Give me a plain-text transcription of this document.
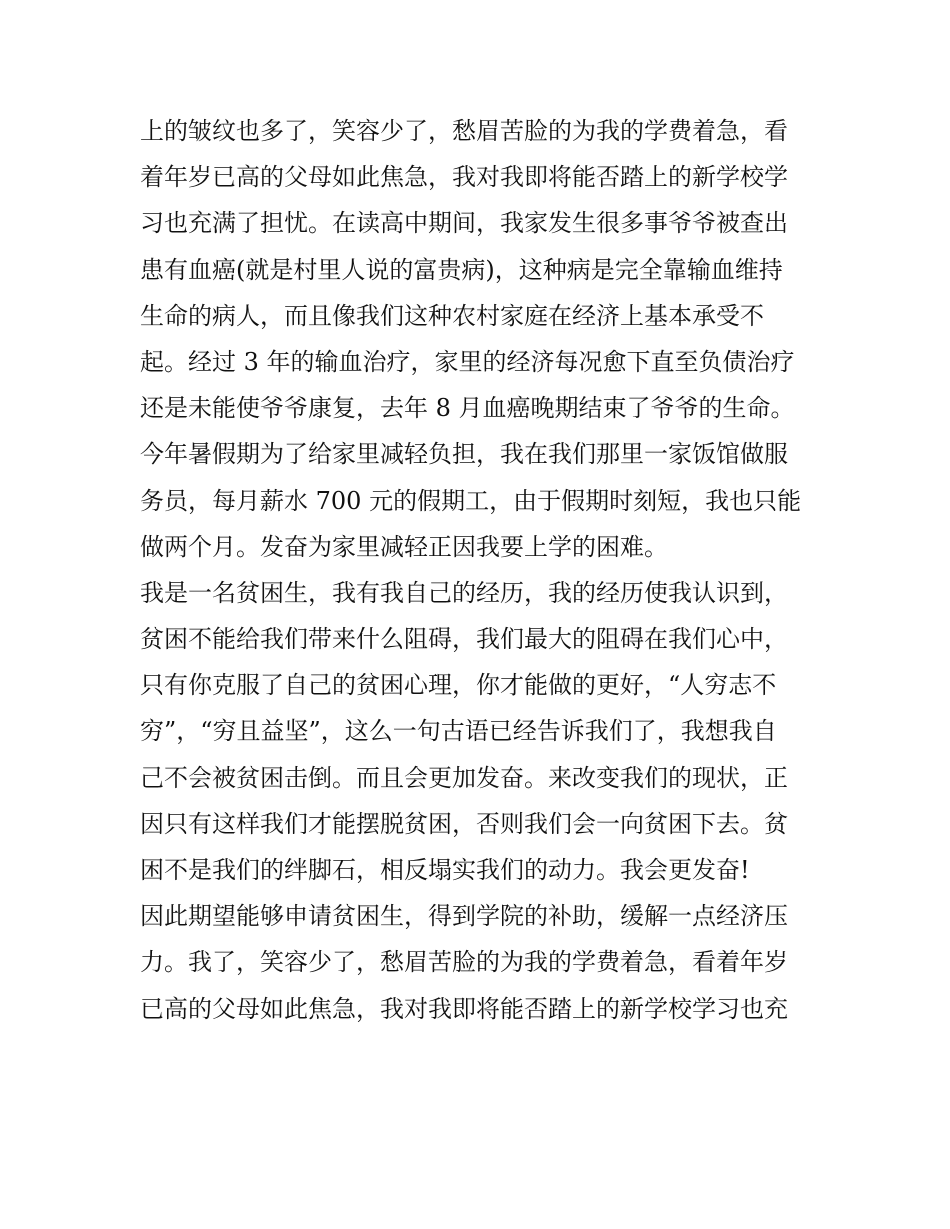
上的皱纹也多了，笑容少了，愁眉苦脸的为我的学费着急，看
着年岁已高的父母如此焦急，我对我即将能否踏上的新学校学
习也充满了担忧。在读高中期间，我家发生很多事爷爷被查出
患有血癌(就是村里人说的富贵病)，这种病是完全靠输血维持
生命的病人，而且像我们这种农村家庭在经济上基本承受不
起。经过 3 年的输血治疗，家里的经济每况愈下直至负债治疗
还是未能使爷爷康复，去年 8 月血癌晚期结束了爷爷的生命。
今年暑假期为了给家里减轻负担，我在我们那里一家饭馆做服
务员，每月薪水 700 元的假期工，由于假期时刻短，我也只能
做两个月。发奋为家里减轻正因我要上学的困难。
我是一名贫困生，我有我自己的经历，我的经历使我认识到，
贫困不能给我们带来什么阻碍，我们最大的阻碍在我们心中，
只有你克服了自己的贫困心理，你才能做的更好，“人穷志不
穷”，“穷且益坚”，这么一句古语已经告诉我们了，我想我自
己不会被贫困击倒。而且会更加发奋。来改变我们的现状，正
因只有这样我们才能摆脱贫困，否则我们会一向贫困下去。贫
困不是我们的绊脚石，相反塌实我们的动力。我会更发奋!
因此期望能够申请贫困生，得到学院的补助，缓解一点经济压
力。我了，笑容少了，愁眉苦脸的为我的学费着急，看着年岁
已高的父母如此焦急，我对我即将能否踏上的新学校学习也充
